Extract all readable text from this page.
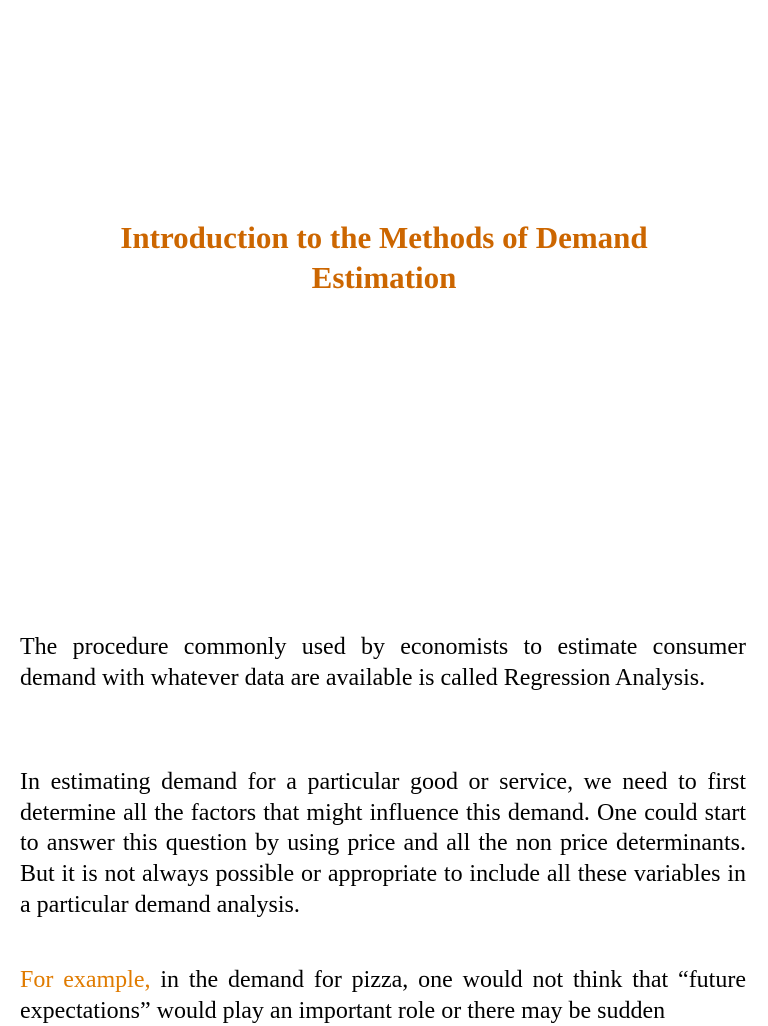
Introduction to the Methods of Demand Estimation

The procedure commonly used by economists to estimate consumer demand with whatever data are available is called Regression Analysis.

In estimating demand for a particular good or service, we need to first determine all the factors that might influence this demand. One could start to answer this question by using price and all the non price determinants. But it is not always possible or appropriate to include all these variables in a particular demand analysis.

For example, in the demand for pizza, one would not think that “future expectations” would play an important role or there may be sudden
